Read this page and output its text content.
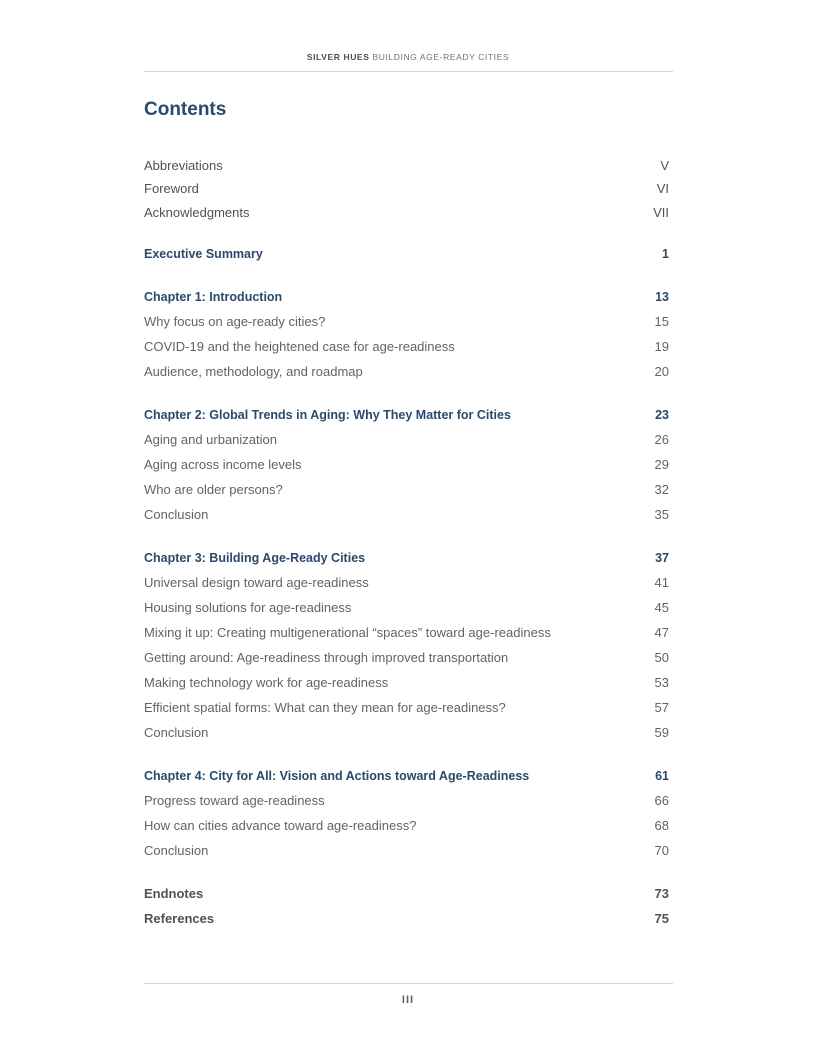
SILVER HUES BUILDING AGE-READY CITIES
Contents
Abbreviations	V
Foreword	VI
Acknowledgments	VII
Executive Summary	1
Chapter 1: Introduction	13
Why focus on age-ready cities?	15
COVID-19 and the heightened case for age-readiness	19
Audience, methodology, and roadmap	20
Chapter 2: Global Trends in Aging: Why They Matter for Cities	23
Aging and urbanization	26
Aging across income levels	29
Who are older persons?	32
Conclusion	35
Chapter 3: Building Age-Ready Cities	37
Universal design toward age-readiness	41
Housing solutions for age-readiness	45
Mixing it up: Creating multigenerational “spaces” toward age-readiness	47
Getting around: Age-readiness through improved transportation	50
Making technology work for age-readiness	53
Efficient spatial forms: What can they mean for age-readiness?	57
Conclusion	59
Chapter 4: City for All: Vision and Actions toward Age-Readiness	61
Progress toward age-readiness	66
How can cities advance toward age-readiness?	68
Conclusion	70
Endnotes	73
References	75
III
